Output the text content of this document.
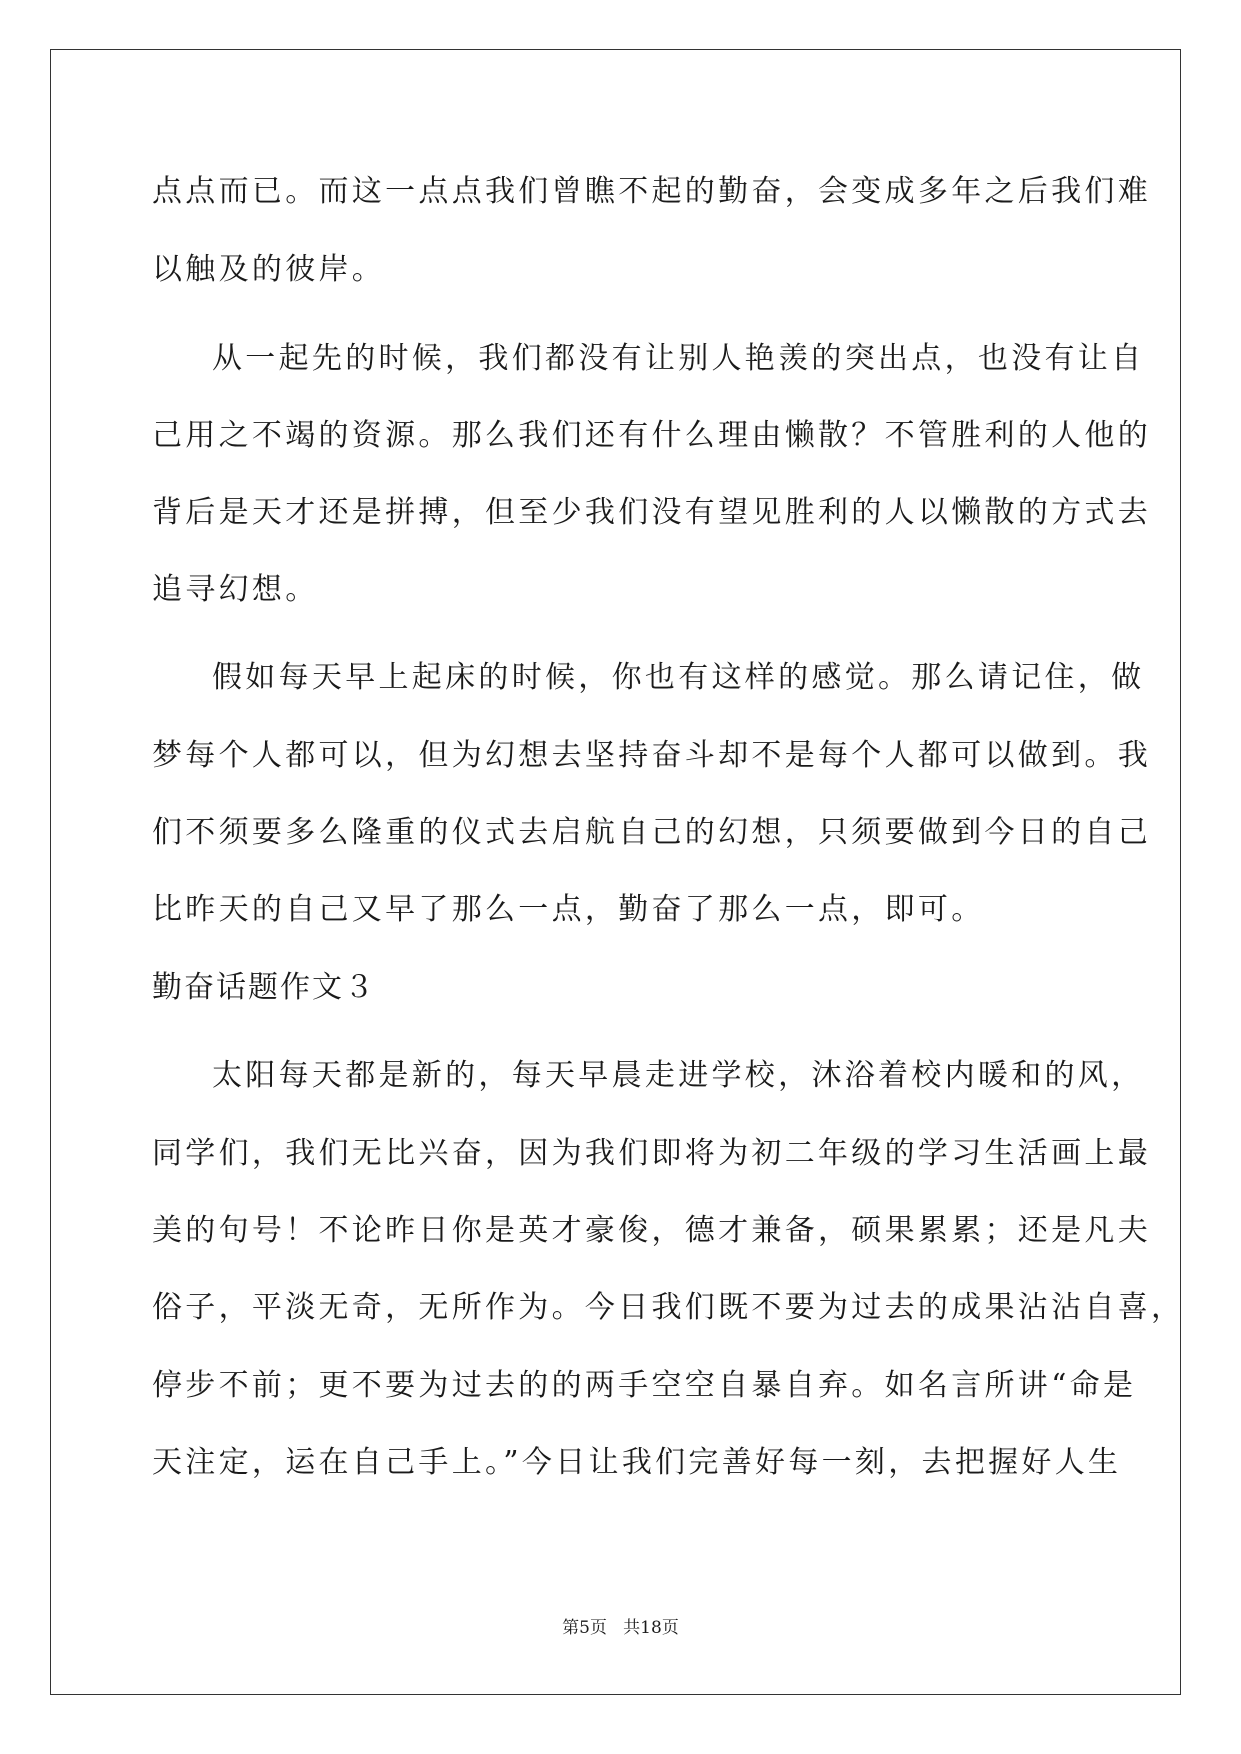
点点而已。而这一点点我们曾瞧不起的勤奋，会变成多年之后我们难
以触及的彼岸。
从一起先的时候，我们都没有让别人艳羡的突出点，也没有让自
己用之不竭的资源。那么我们还有什么理由懒散？不管胜利的人他的
背后是天才还是拼搏，但至少我们没有望见胜利的人以懒散的方式去
追寻幻想。
假如每天早上起床的时候，你也有这样的感觉。那么请记住，做
梦每个人都可以，但为幻想去坚持奋斗却不是每个人都可以做到。我
们不须要多么隆重的仪式去启航自己的幻想，只须要做到今日的自己
比昨天的自己又早了那么一点，勤奋了那么一点，即可。
勤奋话题作文３
太阳每天都是新的，每天早晨走进学校，沐浴着校内暖和的风，
同学们，我们无比兴奋，因为我们即将为初二年级的学习生活画上最
美的句号！不论昨日你是英才豪俊，德才兼备，硕果累累；还是凡夫
俗子，平淡无奇，无所作为。今日我们既不要为过去的成果沾沾自喜，
停步不前；更不要为过去的的两手空空自暴自弃。如名言所讲“命是
天注定，运在自己手上。”今日让我们完善好每一刻，去把握好人生
第5页   共18页
